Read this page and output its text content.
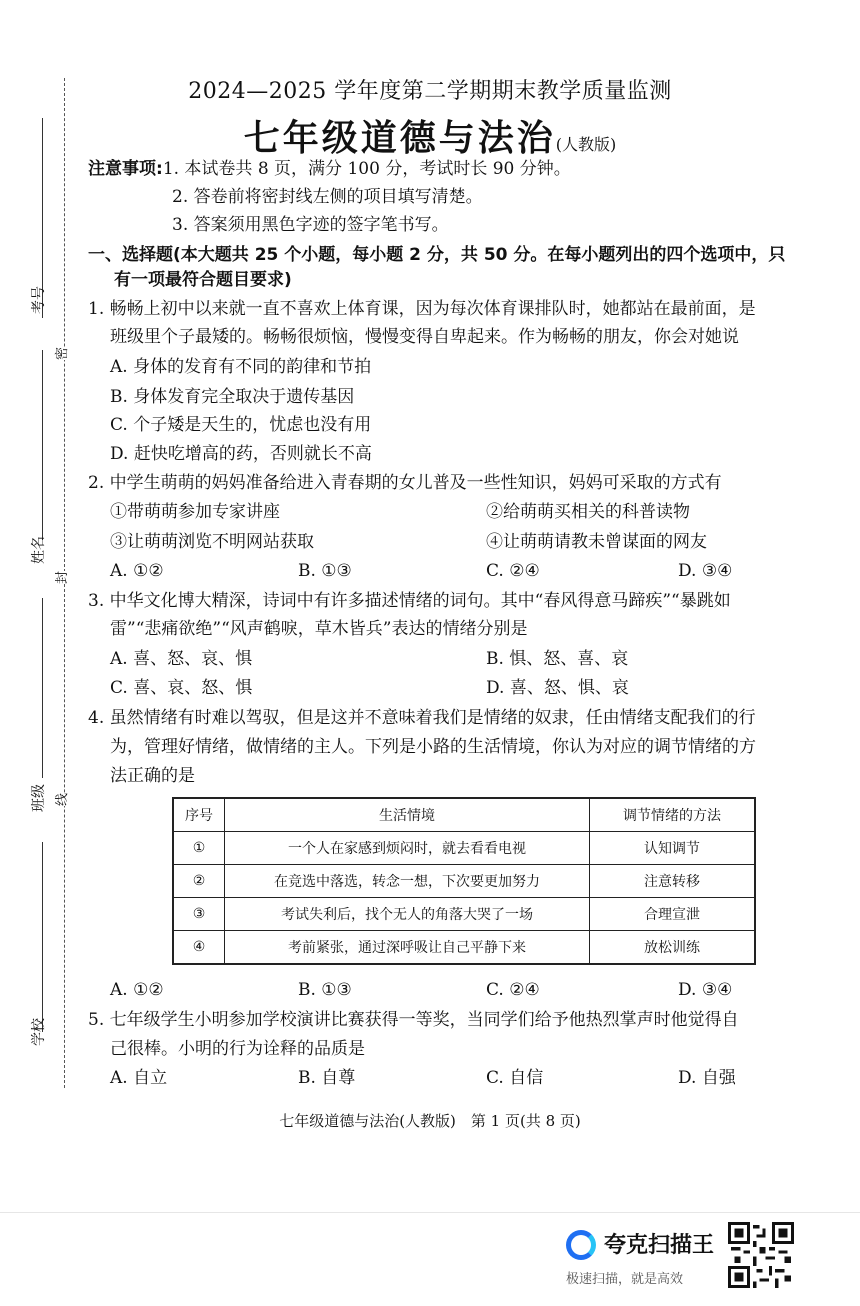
考号
姓名
班级
学校
密
封
线
2024—2025 学年度第二学期期末教学质量监测
七年级道德与法治(人教版)
注意事项:1. 本试卷共 8 页，满分 100 分，考试时长 90 分钟。
2. 答卷前将密封线左侧的项目填写清楚。
3. 答案须用黑色字迹的签字笔书写。
一、选择题(本大题共 25 个小题，每小题 2 分，共 50 分。在每小题列出的四个选项中，只
有一项最符合题目要求)
1. 畅畅上初中以来就一直不喜欢上体育课，因为每次体育课排队时，她都站在最前面，是
班级里个子最矮的。畅畅很烦恼，慢慢变得自卑起来。作为畅畅的朋友，你会对她说
A. 身体的发育有不同的韵律和节拍
B. 身体发育完全取决于遗传基因
C. 个子矮是天生的，忧虑也没有用
D. 赶快吃增高的药，否则就长不高
2. 中学生萌萌的妈妈准备给进入青春期的女儿普及一些性知识，妈妈可采取的方式有
①带萌萌参加专家讲座	②给萌萌买相关的科普读物
③让萌萌浏览不明网站获取	④让萌萌请教未曾谋面的网友
A. ①②	B. ①③	C. ②④	D. ③④
3. 中华文化博大精深，诗词中有许多描述情绪的词句。其中“春风得意马蹄疾”“暴跳如
雷”“悲痛欲绝”“风声鹤唳，草木皆兵”表达的情绪分别是
A. 喜、怒、哀、惧	B. 惧、怒、喜、哀
C. 喜、哀、怒、惧	D. 喜、怒、惧、哀
4. 虽然情绪有时难以驾驭，但是这并不意味着我们是情绪的奴隶，任由情绪支配我们的行
为，管理好情绪，做情绪的主人。下列是小路的生活情境，你认为对应的调节情绪的方
法正确的是
序号	生活情境	调节情绪的方法
①	一个人在家感到烦闷时，就去看看电视	认知调节
②	在竞选中落选，转念一想，下次要更加努力	注意转移
③	考试失利后，找个无人的角落大哭了一场	合理宣泄
④	考前紧张，通过深呼吸让自己平静下来	放松训练
A. ①②	B. ①③	C. ②④	D. ③④
5. 七年级学生小明参加学校演讲比赛获得一等奖，当同学们给予他热烈掌声时他觉得自
己很棒。小明的行为诠释的品质是
A. 自立	B. 自尊	C. 自信	D. 自强
七年级道德与法治(人教版)　第 1 页(共 8 页)
夸克扫描王
极速扫描，就是高效
